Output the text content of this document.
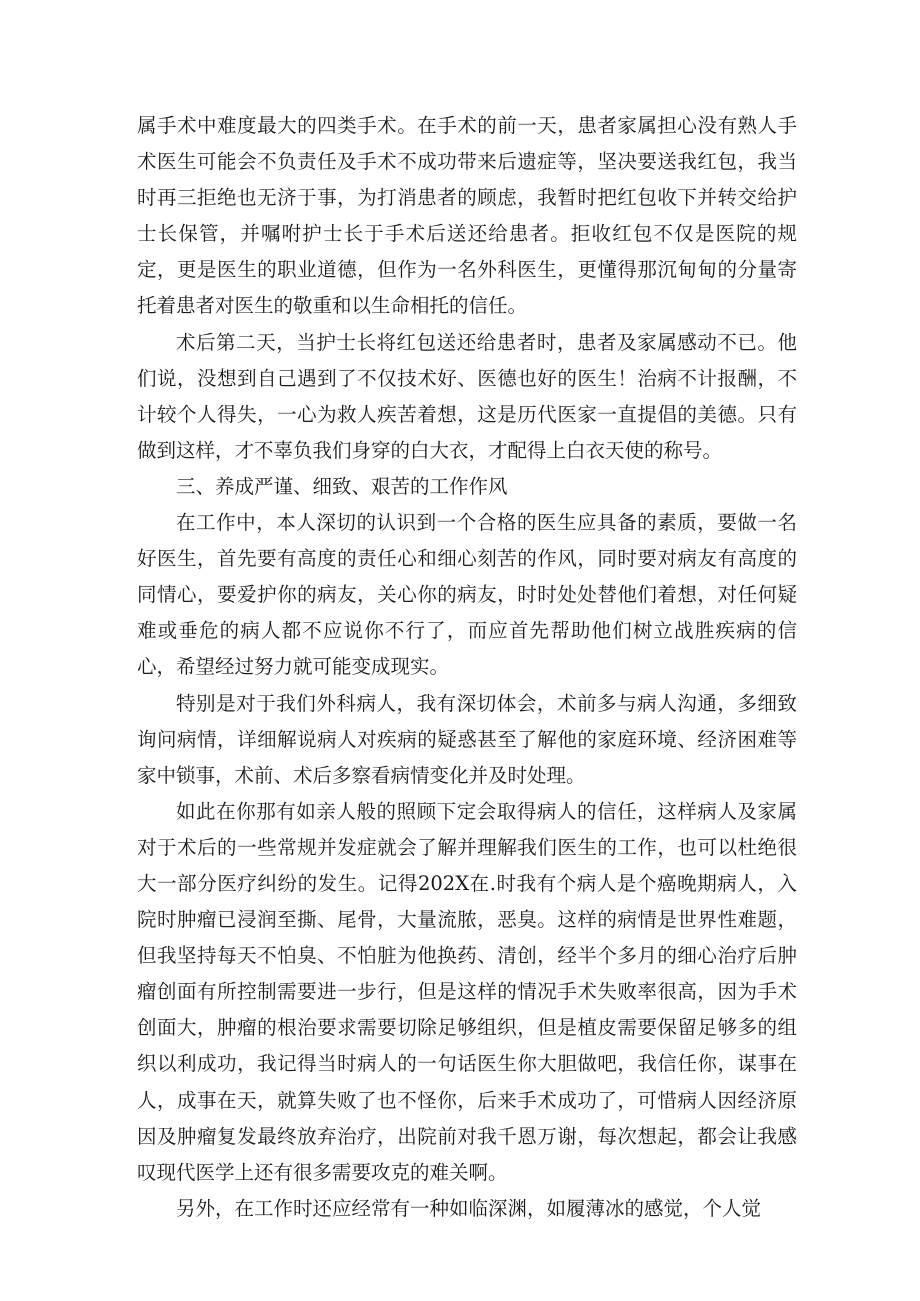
属手术中难度最大的四类手术。在手术的前一天，患者家属担心没有熟人手术医生可能会不负责任及手术不成功带来后遗症等，坚决要送我红包，我当时再三拒绝也无济于事，为打消患者的顾虑，我暂时把红包收下并转交给护士长保管，并嘱咐护士长于手术后送还给患者。拒收红包不仅是医院的规定，更是医生的职业道德，但作为一名外科医生，更懂得那沉甸甸的分量寄托着患者对医生的敬重和以生命相托的信任。

术后第二天，当护士长将红包送还给患者时，患者及家属感动不已。他们说，没想到自己遇到了不仅技术好、医德也好的医生！治病不计报酬，不计较个人得失，一心为救人疾苦着想，这是历代医家一直提倡的美德。只有做到这样，才不辜负我们身穿的白大衣，才配得上白衣天使的称号。

三、养成严谨、细致、艰苦的工作作风

在工作中，本人深切的认识到一个合格的医生应具备的素质，要做一名好医生，首先要有高度的责任心和细心刻苦的作风，同时要对病友有高度的同情心，要爱护你的病友，关心你的病友，时时处处替他们着想，对任何疑难或垂危的病人都不应说你不行了，而应首先帮助他们树立战胜疾病的信心，希望经过努力就可能变成现实。

特别是对于我们外科病人，我有深切体会，术前多与病人沟通，多细致询问病情，详细解说病人对疾病的疑惑甚至了解他的家庭环境、经济困难等家中锁事，术前、术后多察看病情变化并及时处理。

如此在你那有如亲人般的照顾下定会取得病人的信任，这样病人及家属对于术后的一些常规并发症就会了解并理解我们医生的工作，也可以杜绝很大一部分医疗纠纷的发生。记得202X在.时我有个病人是个癌晚期病人，入院时肿瘤已浸润至撕、尾骨，大量流脓，恶臭。这样的病情是世界性难题，但我坚持每天不怕臭、不怕脏为他换药、清创，经半个多月的细心治疗后肿瘤创面有所控制需要进一步行，但是这样的情况手术失败率很高，因为手术创面大，肿瘤的根治要求需要切除足够组织，但是植皮需要保留足够多的组织以利成功，我记得当时病人的一句话医生你大胆做吧，我信任你，谋事在人，成事在天，就算失败了也不怪你，后来手术成功了，可惜病人因经济原因及肿瘤复发最终放弃治疗，出院前对我千恩万谢，每次想起，都会让我感叹现代医学上还有很多需要攻克的难关啊。

另外，在工作时还应经常有一种如临深渊，如履薄冰的感觉，个人觉
